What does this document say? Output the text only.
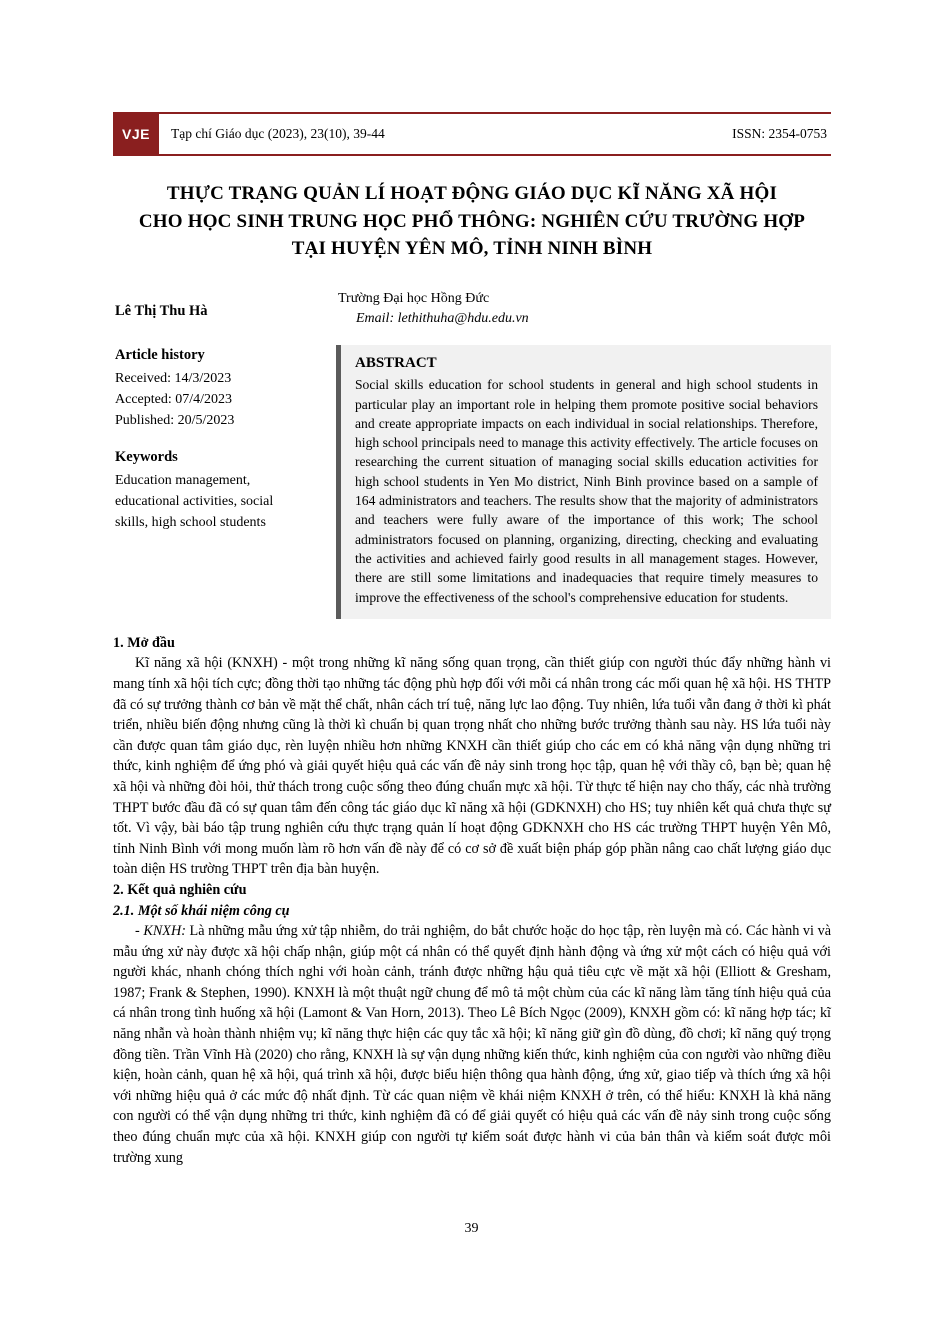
VJE	Tạp chí Giáo dục (2023), 23(10), 39-44	ISSN: 2354-0753
THỰC TRẠNG QUẢN LÍ HOẠT ĐỘNG GIÁO DỤC KĨ NĂNG XÃ HỘI
CHO HỌC SINH TRUNG HỌC PHỔ THÔNG: NGHIÊN CỨU TRƯỜNG HỢP
TẠI HUYỆN YÊN MÔ, TỈNH NINH BÌNH
Lê Thị Thu Hà
Trường Đại học Hồng Đức
Email: lethithuha@hdu.edu.vn
Article history
Received: 14/3/2023
Accepted: 07/4/2023
Published: 20/5/2023
Keywords
Education management,
educational activities, social
skills, high school students
ABSTRACT

Social skills education for school students in general and high school students in particular play an important role in helping them promote positive social behaviors and create appropriate impacts on each individual in social relationships. Therefore, high school principals need to manage this activity effectively. The article focuses on researching the current situation of managing social skills education activities for high school students in Yen Mo district, Ninh Binh province based on a sample of 164 administrators and teachers. The results show that the majority of administrators and teachers were fully aware of the importance of this work; The school administrators focused on planning, organizing, directing, checking and evaluating the activities and achieved fairly good results in all management stages. However, there are still some limitations and inadequacies that require timely measures to improve the effectiveness of the school's comprehensive education for students.

1. Mở đầu

Kĩ năng xã hội (KNXH) - một trong những kĩ năng sống quan trọng, cần thiết giúp con người thúc đẩy những hành vi mang tính xã hội tích cực; đồng thời tạo những tác động phù hợp đối với mỗi cá nhân trong các mối quan hệ xã hội. HS THTP đã có sự trưởng thành cơ bản về mặt thể chất, nhân cách trí tuệ, năng lực lao động. Tuy nhiên, lứa tuổi vẫn đang ở thời kì phát triển, nhiều biến động nhưng cũng là thời kì chuẩn bị quan trọng nhất cho những bước trưởng thành sau này. HS lứa tuổi này cần được quan tâm giáo dục, rèn luyện nhiều hơn những KNXH cần thiết giúp cho các em có khả năng vận dụng những tri thức, kinh nghiệm để ứng phó và giải quyết hiệu quả các vấn đề nảy sinh trong học tập, quan hệ với thầy cô, bạn bè; quan hệ xã hội và những đòi hỏi, thử thách trong cuộc sống theo đúng chuẩn mực xã hội. Từ thực tế hiện nay cho thấy, các nhà trường THPT bước đầu đã có sự quan tâm đến công tác giáo dục kĩ năng xã hội (GDKNXH) cho HS; tuy nhiên kết quả chưa thực sự tốt. Vì vậy, bài báo tập trung nghiên cứu thực trạng quản lí hoạt động GDKNXH cho HS các trường THPT huyện Yên Mô, tỉnh Ninh Bình với mong muốn làm rõ hơn vấn đề này để có cơ sở đề xuất biện pháp góp phần nâng cao chất lượng giáo dục toàn diện HS trường THPT trên địa bàn huyện.

2. Kết quả nghiên cứu

2.1. Một số khái niệm công cụ

- KNXH: Là những mẫu ứng xử tập nhiễm, do trải nghiệm, do bắt chước hoặc do học tập, rèn luyện mà có. Các hành vi và mẫu ứng xử này được xã hội chấp nhận, giúp một cá nhân có thể quyết định hành động và ứng xử một cách có hiệu quả với người khác, nhanh chóng thích nghi với hoàn cảnh, tránh được những hậu quả tiêu cực về mặt xã hội (Elliott & Gresham, 1987; Frank & Stephen, 1990). KNXH là một thuật ngữ chung để mô tả một chùm của các kĩ năng làm tăng tính hiệu quả của cá nhân trong tình huống xã hội (Lamont & Van Horn, 2013). Theo Lê Bích Ngọc (2009), KNXH gồm có: kĩ năng hợp tác; kĩ năng nhẫn và hoàn thành nhiệm vụ; kĩ năng thực hiện các quy tắc xã hội; kĩ năng giữ gìn đồ dùng, đồ chơi; kĩ năng quý trọng đồng tiền. Trần Vĩnh Hà (2020) cho rằng, KNXH là sự vận dụng những kiến thức, kinh nghiệm của con người vào những điều kiện, hoàn cảnh, quan hệ xã hội, quá trình xã hội, được biểu hiện thông qua hành động, ứng xử, giao tiếp và thích ứng xã hội với những hiệu quả ở các mức độ nhất định. Từ các quan niệm về khái niệm KNXH ở trên, có thể hiểu: KNXH là khả năng con người có thể vận dụng những tri thức, kinh nghiệm đã có để giải quyết có hiệu quả các vấn đề nảy sinh trong cuộc sống theo đúng chuẩn mực của xã hội. KNXH giúp con người tự kiểm soát được hành vi của bản thân và kiểm soát được môi trường xung

39
